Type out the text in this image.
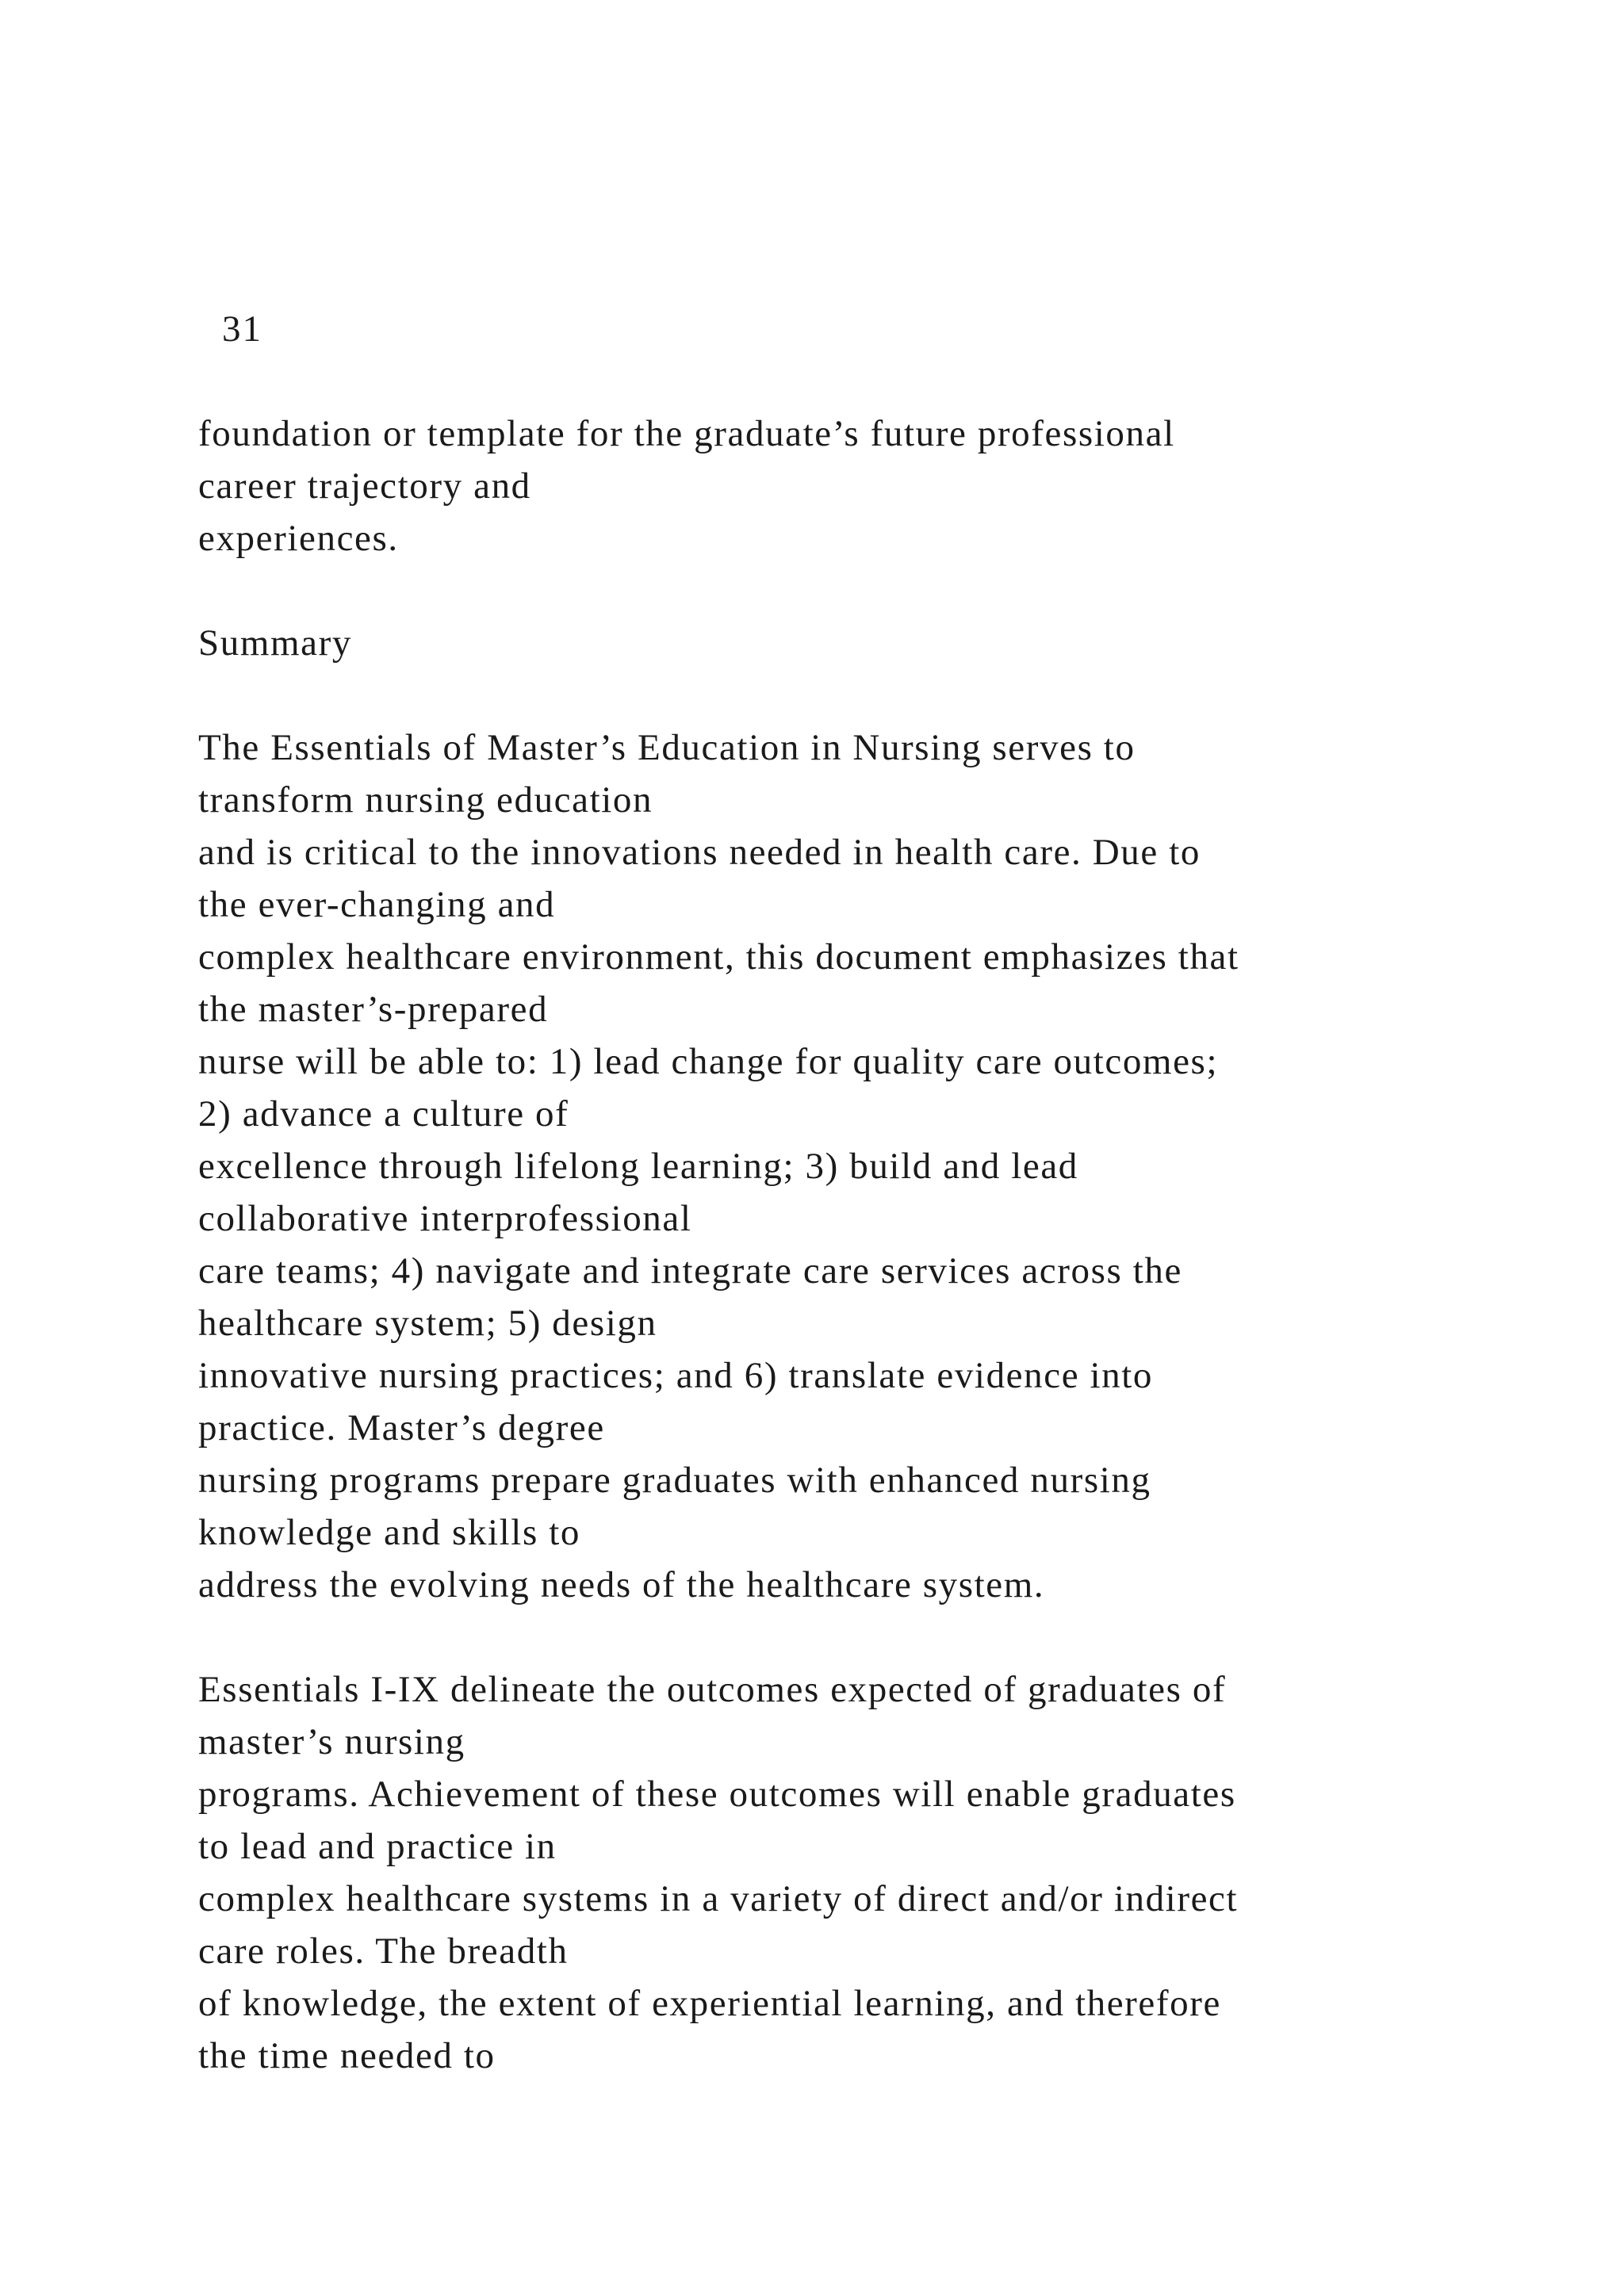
31

foundation or template for the graduate’s future professional
career trajectory and
experiences.

Summary

The Essentials of Master’s Education in Nursing serves to
transform nursing education
and is critical to the innovations needed in health care. Due to
the ever-changing and
complex healthcare environment, this document emphasizes that
the master’s-prepared
nurse will be able to: 1) lead change for quality care outcomes;
2) advance a culture of
excellence through lifelong learning; 3) build and lead
collaborative interprofessional
care teams; 4) navigate and integrate care services across the
healthcare system; 5) design
innovative nursing practices; and 6) translate evidence into
practice. Master’s degree
nursing programs prepare graduates with enhanced nursing
knowledge and skills to
address the evolving needs of the healthcare system.

Essentials I-IX delineate the outcomes expected of graduates of
master’s nursing
programs. Achievement of these outcomes will enable graduates
to lead and practice in
complex healthcare systems in a variety of direct and/or indirect
care roles. The breadth
of knowledge, the extent of experiential learning, and therefore
the time needed to
